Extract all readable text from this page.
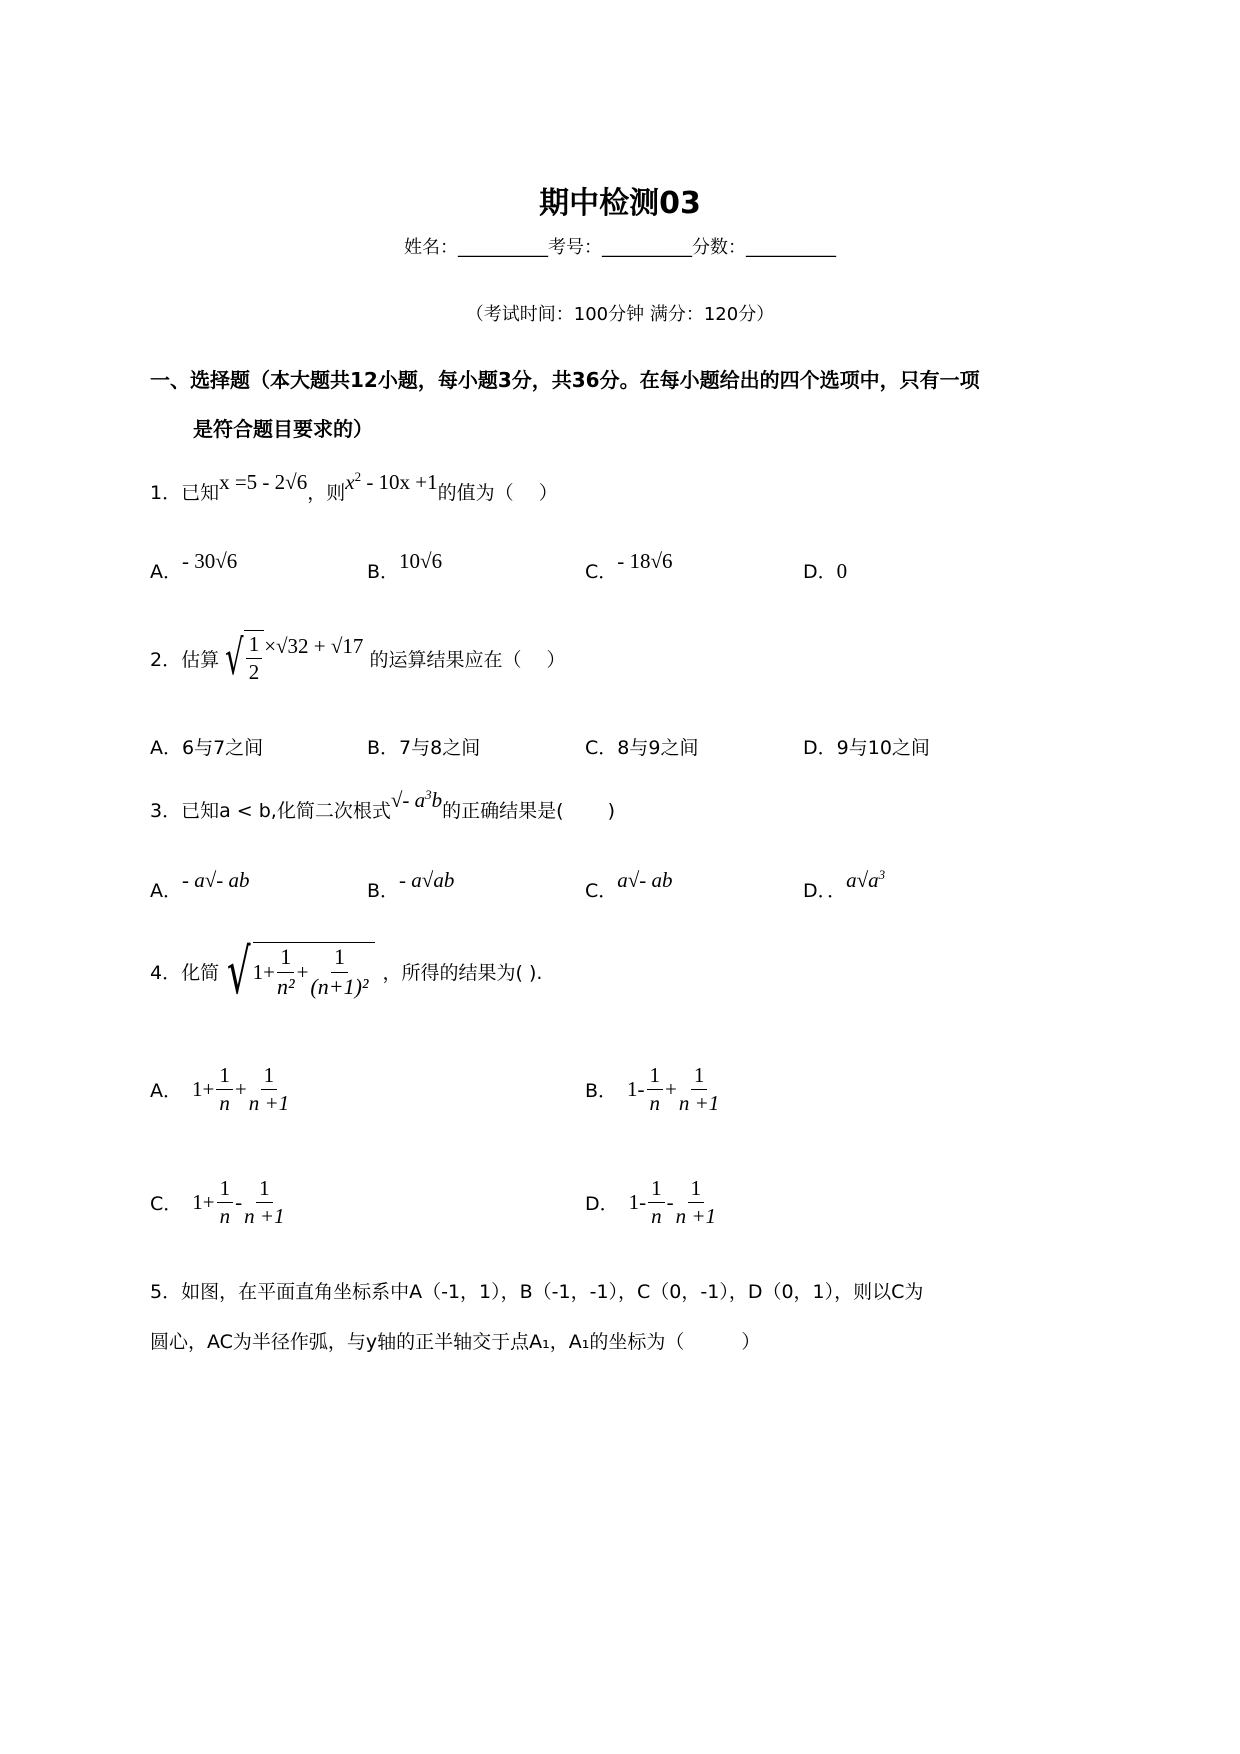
期中检测03
姓名：__________考号：__________分数：__________
（考试时间：100分钟 满分：120分）
一、选择题（本大题共12小题，每小题3分，共36分。在每小题给出的四个选项中，只有一项
是符合题目要求的）
1．已知x =5 - 2√6，则$x^2 - 10x +1$的值为（　 ）
A．- 30√6	B．10√6	C．- 18√6	D．0
2．估算 √ $\frac{1}{2} \times√32 + √17$
的运算结果应在（　 ）
A．6与7之间	B．7与8之间	C．8与9之间	D．9与10之间
3．已知a < b,化简二次根式√- $a^3b$的正确结果是(　　 )
A．- a√- ab	B．- a√ab	C．a√- ab	D．．$a√a^3$
4．化简 √ $1+ \frac{1}{\text{n²}} + \frac{1}{\text{(n+1)²}}$ ，所得的结果为( ).
A． $1+ \frac{1}{n} + \frac{1}{n +1}$	B． $1- \frac{1}{n} + \frac{1}{n +1}$
C． $1+ \frac{1}{n} - \frac{1}{n +1}$	D． $1- \frac{1}{n} - \frac{1}{n +1}$
5．如图，在平面直角坐标系中A（-1，1），B（-1，-1），C（0，-1），D（0，1），则以C为
圆心，AC为半径作弧，与y轴的正半轴交于点A₁，A₁的坐标为（　　　）
